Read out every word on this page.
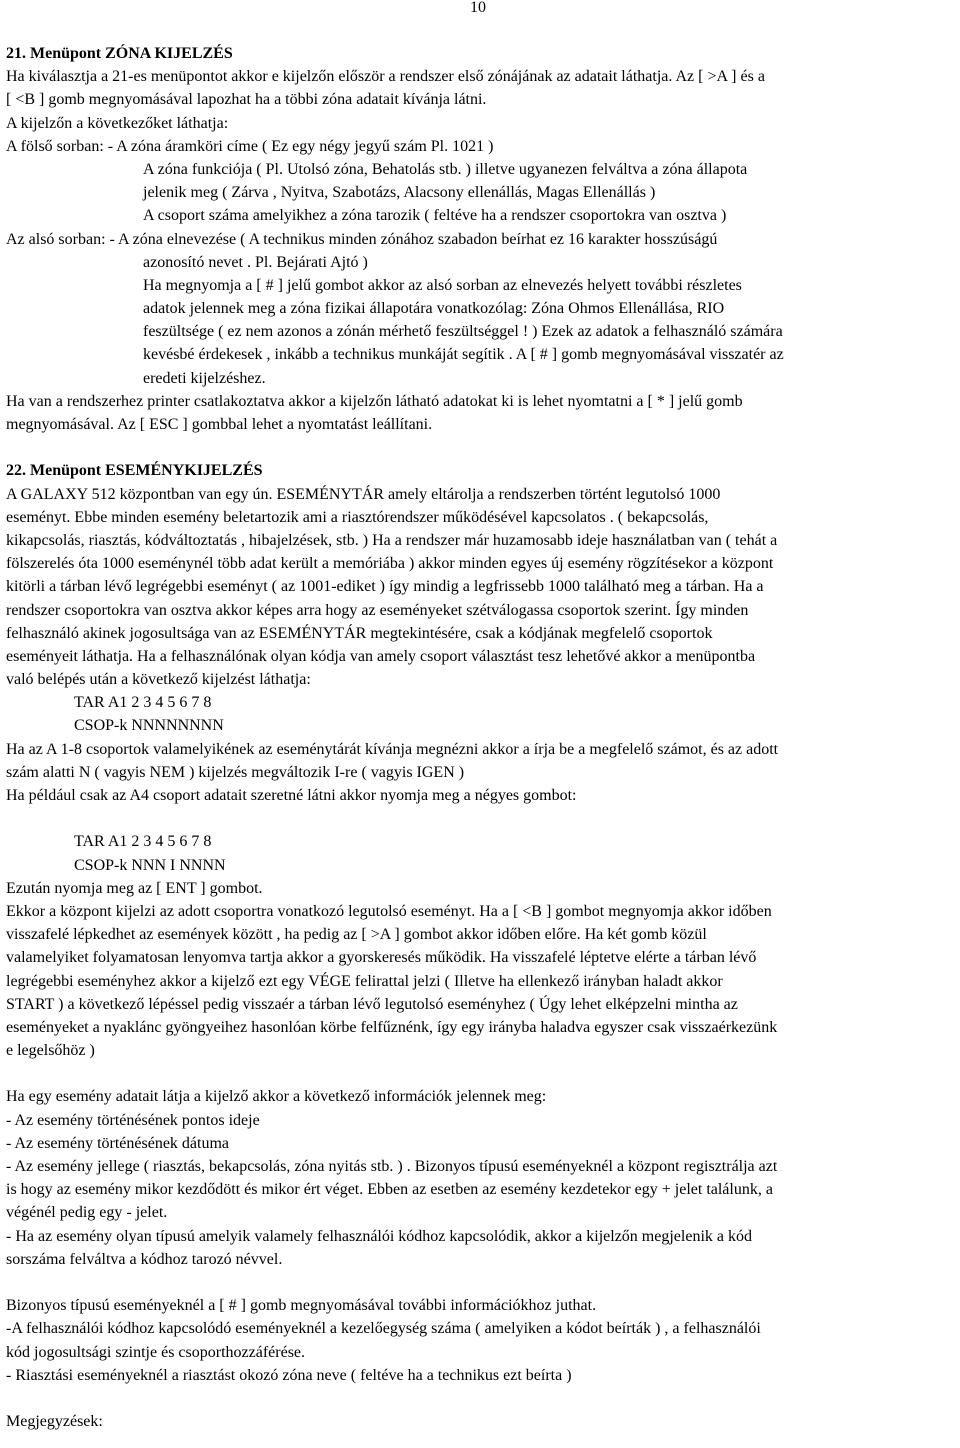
10
21. Menüpont ZÓNA KIJELZÉS
Ha kiválasztja a 21-es menüpontot akkor e kijelzőn először a rendszer első zónájának az adatait láthatja. Az [ >A ] és a
[ <B ] gomb megnyomásával lapozhat ha a többi zóna adatait kívánja látni.
A kijelzőn a következőket láthatja:
A fölső sorban: - A zóna áramköri címe ( Ez egy négy jegyű szám Pl. 1021 )
A zóna funkciója ( Pl. Utolsó zóna, Behatolás stb. ) illetve ugyanezen felváltva a zóna állapota
jelenik meg ( Zárva , Nyitva, Szabotázs, Alacsony ellenállás, Magas Ellenállás )
A csoport száma amelyikhez a zóna tarozik ( feltéve ha a rendszer csoportokra van osztva )
Az alsó sorban: - A zóna elnevezése ( A technikus minden zónához szabadon beírhat ez 16 karakter hosszúságú
azonosító nevet . Pl. Bejárati Ajtó )
Ha megnyomja a [ # ] jelű gombot akkor az alsó sorban az elnevezés helyett további részletes
adatok jelennek meg a zóna fizikai állapotára vonatkozólag: Zóna Ohmos Ellenállása, RIO
feszültsége ( ez nem azonos a zónán mérhető feszültséggel ! ) Ezek az adatok a felhasználó számára
kevésbé érdekesek , inkább a technikus munkáját segítik . A [ # ] gomb megnyomásával visszatér az
eredeti kijelzéshez.
Ha van a rendszerhez printer csatlakoztatva akkor a kijelzőn látható adatokat ki is lehet nyomtatni a [ * ] jelű gomb
megnyomásával. Az [ ESC ] gombbal lehet a nyomtatást leállítani.
22. Menüpont ESEMÉNYKIJELZÉS
A GALAXY 512 központban van egy ún. ESEMÉNYTÁR amely eltárolja a rendszerben történt legutolsó 1000
eseményt. Ebbe minden esemény beletartozik ami a riasztórendszer működésével kapcsolatos . ( bekapcsolás,
kikapcsolás, riasztás, kódváltoztatás , hibajelzések, stb. ) Ha a rendszer már huzamosabb ideje használatban van ( tehát a
fölszerelés óta 1000 eseménynél több adat került a memóriába ) akkor minden egyes új esemény rögzítésekor a központ
kitörli a tárban lévő legrégebbi eseményt ( az 1001-ediket ) így mindig a legfrissebb 1000 található meg a tárban. Ha a
rendszer csoportokra van osztva akkor képes arra hogy az eseményeket szétválogassa csoportok szerint. Így minden
felhasználó akinek jogosultsága van az ESEMÉNYTÁR megtekintésére, csak a kódjának megfelelő csoportok
eseményeit láthatja. Ha a felhasználónak olyan kódja van amely csoport választást tesz lehetővé akkor a menüpontba
való belépés után a következő kijelzést láthatja:
TAR A1 2 3 4 5 6 7 8
CSOP-k NNNNNNNN
Ha az A 1-8 csoportok valamelyikének az eseménytárát kívánja megnézni akkor a írja be a megfelelő számot, és az adott
szám alatti N ( vagyis NEM ) kijelzés megváltozik I-re ( vagyis IGEN )
Ha például csak az A4 csoport adatait szeretné látni akkor nyomja meg a négyes gombot:
TAR A1 2 3 4 5 6 7 8
CSOP-k NNN I NNNN
Ezután nyomja meg az [ ENT ] gombot.
Ekkor a központ kijelzi az adott csoportra vonatkozó legutolsó eseményt. Ha a [ <B ] gombot megnyomja akkor időben
visszafelé lépkedhet az események között , ha pedig az [ >A ] gombot akkor időben előre. Ha két gomb közül
valamelyiket folyamatosan lenyomva tartja akkor a gyorskeresés működik. Ha visszafelé léptetve elérte a tárban lévő
legrégebbi eseményhez akkor a kijelző ezt egy VÉGE felirattal jelzi ( Illetve ha ellenkező irányban haladt akkor
START ) a következő lépéssel pedig visszaér a tárban lévő legutolsó eseményhez ( Úgy lehet elképzelni mintha az
eseményeket a nyaklánc gyöngyeihez hasonlóan körbe felfűznénk, így egy irányba haladva egyszer csak visszaérkezünk
e legelsőhöz )
Ha egy esemény adatait látja a kijelző akkor a következő információk jelennek meg:
- Az esemény történésének pontos ideje
- Az esemény történésének dátuma
- Az esemény jellege ( riasztás, bekapcsolás, zóna nyitás stb. ) . Bizonyos típusú eseményeknél a központ regisztrálja azt
is hogy az esemény mikor kezdődött és mikor ért véget. Ebben az esetben az esemény kezdetekor egy + jelet találunk, a
végénél pedig egy - jelet.
- Ha az esemény olyan típusú amelyik valamely felhasználói kódhoz kapcsolódik, akkor a kijelzőn megjelenik a kód
sorszáma felváltva a kódhoz tarozó névvel.
Bizonyos típusú eseményeknél a [ # ] gomb megnyomásával további információkhoz juthat.
-A felhasználói kódhoz kapcsolódó eseményeknél a kezelőegység száma ( amelyiken a kódot beírták ) , a felhasználói
kód jogosultsági szintje és csoporthozzáférése.
- Riasztási eseményeknél a riasztást okozó zóna neve ( feltéve ha a technikus ezt beírta )
Megjegyzések:
